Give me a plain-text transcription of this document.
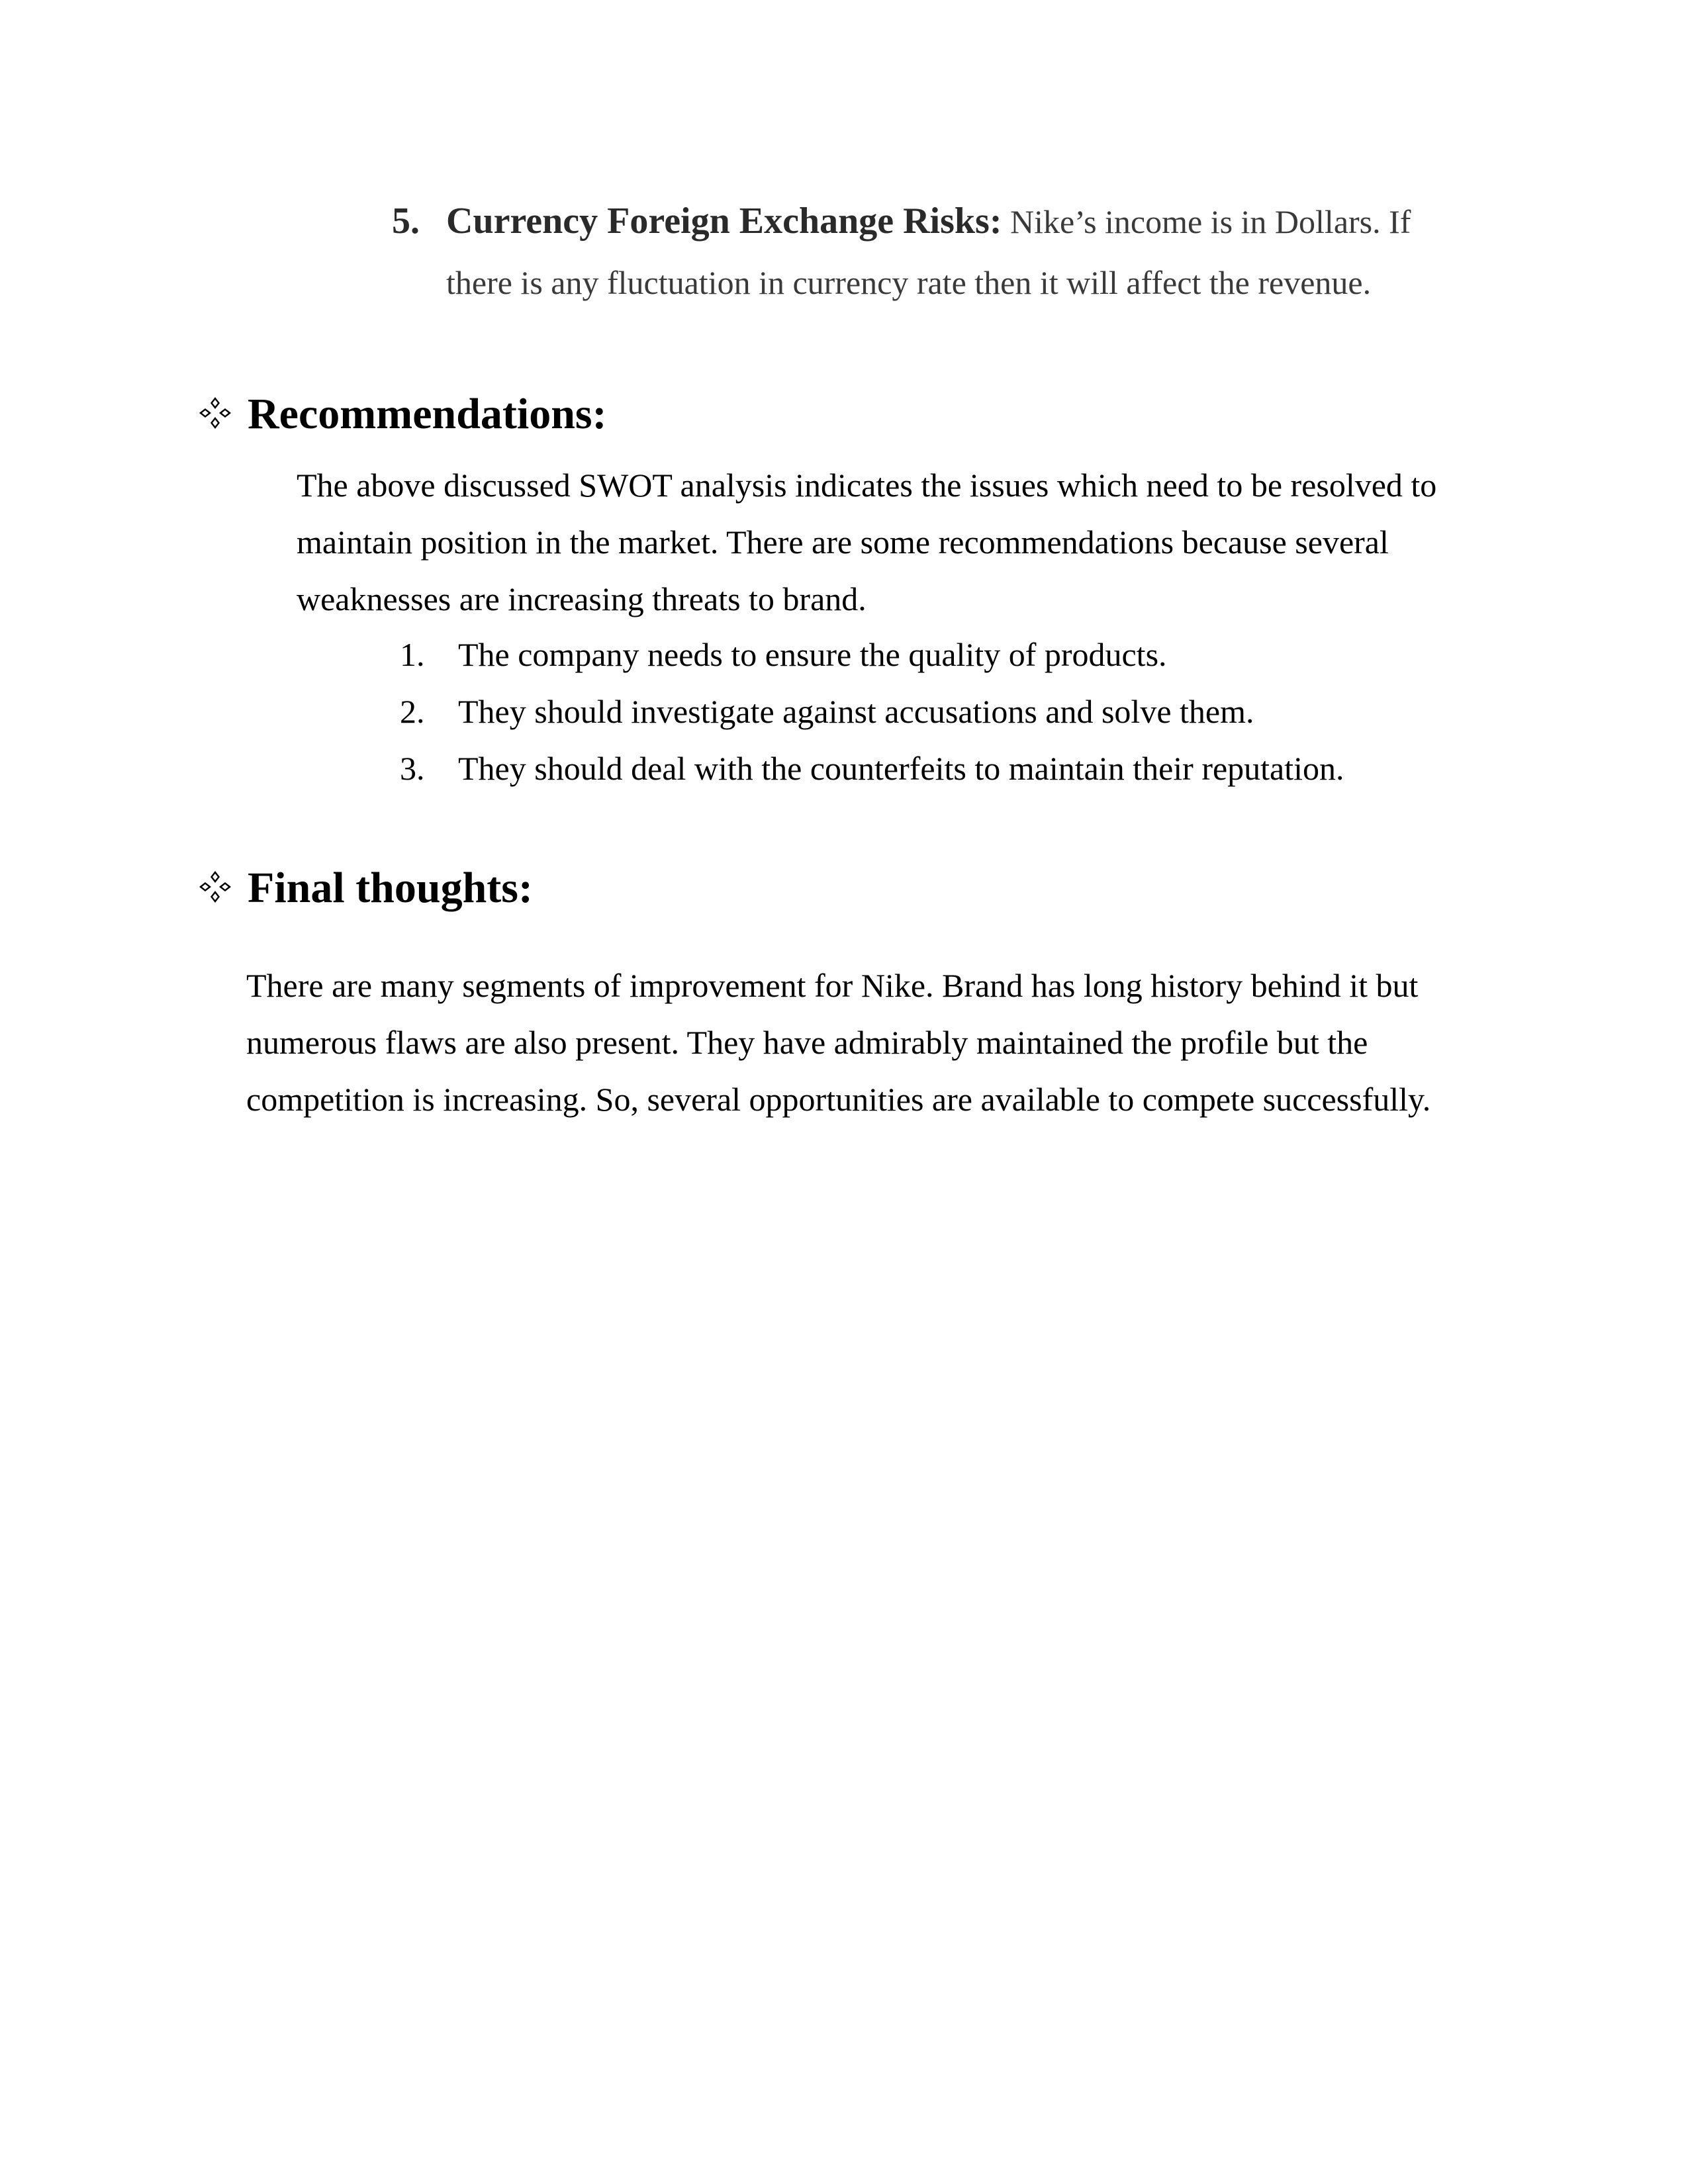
5. Currency Foreign Exchange Risks: Nike’s income is in Dollars. If there is any fluctuation in currency rate then it will affect the revenue.
Recommendations:

The above discussed SWOT analysis indicates the issues which need to be resolved to maintain position in the market. There are some recommendations because several weaknesses are increasing threats to brand.

1. The company needs to ensure the quality of products.
2. They should investigate against accusations and solve them.
3. They should deal with the counterfeits to maintain their reputation.
Final thoughts:

There are many segments of improvement for Nike. Brand has long history behind it but numerous flaws are also present. They have admirably maintained the profile but the competition is increasing. So, several opportunities are available to compete successfully.
